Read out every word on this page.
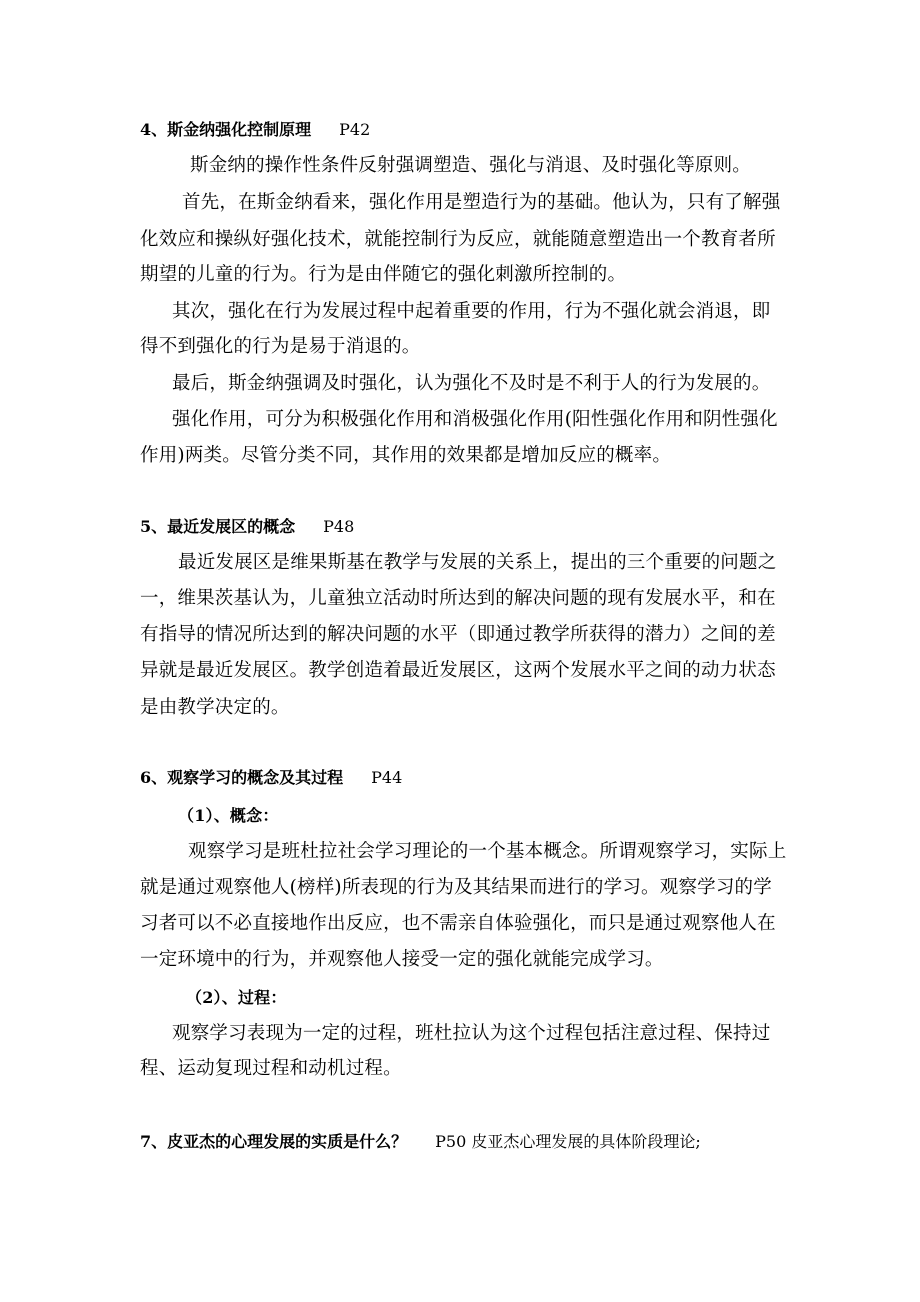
4、斯金纳强化控制原理 P42
斯金纳的操作性条件反射强调塑造、强化与消退、及时强化等原则。
首先，在斯金纳看来，强化作用是塑造行为的基础。他认为，只有了解强
化效应和操纵好强化技术，就能控制行为反应，就能随意塑造出一个教育者所
期望的儿童的行为。行为是由伴随它的强化刺激所控制的。
其次，强化在行为发展过程中起着重要的作用，行为不强化就会消退，即
得不到强化的行为是易于消退的。
最后，斯金纳强调及时强化，认为强化不及时是不利于人的行为发展的。
强化作用，可分为积极强化作用和消极强化作用(阳性强化作用和阴性强化
作用)两类。尽管分类不同，其作用的效果都是增加反应的概率。
5、最近发展区的概念 P48
最近发展区是维果斯基在教学与发展的关系上，提出的三个重要的问题之
一，维果茨基认为，儿童独立活动时所达到的解决问题的现有发展水平，和在
有指导的情况所达到的解决问题的水平（即通过教学所获得的潜力）之间的差
异就是最近发展区。教学创造着最近发展区，这两个发展水平之间的动力状态
是由教学决定的。
6、观察学习的概念及其过程 P44
（1）、概念：
观察学习是班杜拉社会学习理论的一个基本概念。所谓观察学习，实际上
就是通过观察他人(榜样)所表现的行为及其结果而进行的学习。观察学习的学
习者可以不必直接地作出反应，也不需亲自体验强化，而只是通过观察他人在
一定环境中的行为，并观察他人接受一定的强化就能完成学习。
（2）、过程：
观察学习表现为一定的过程，班杜拉认为这个过程包括注意过程、保持过
程、运动复现过程和动机过程。
7、皮亚杰的心理发展的实质是什么？ P50 皮亚杰心理发展的具体阶段理论;
